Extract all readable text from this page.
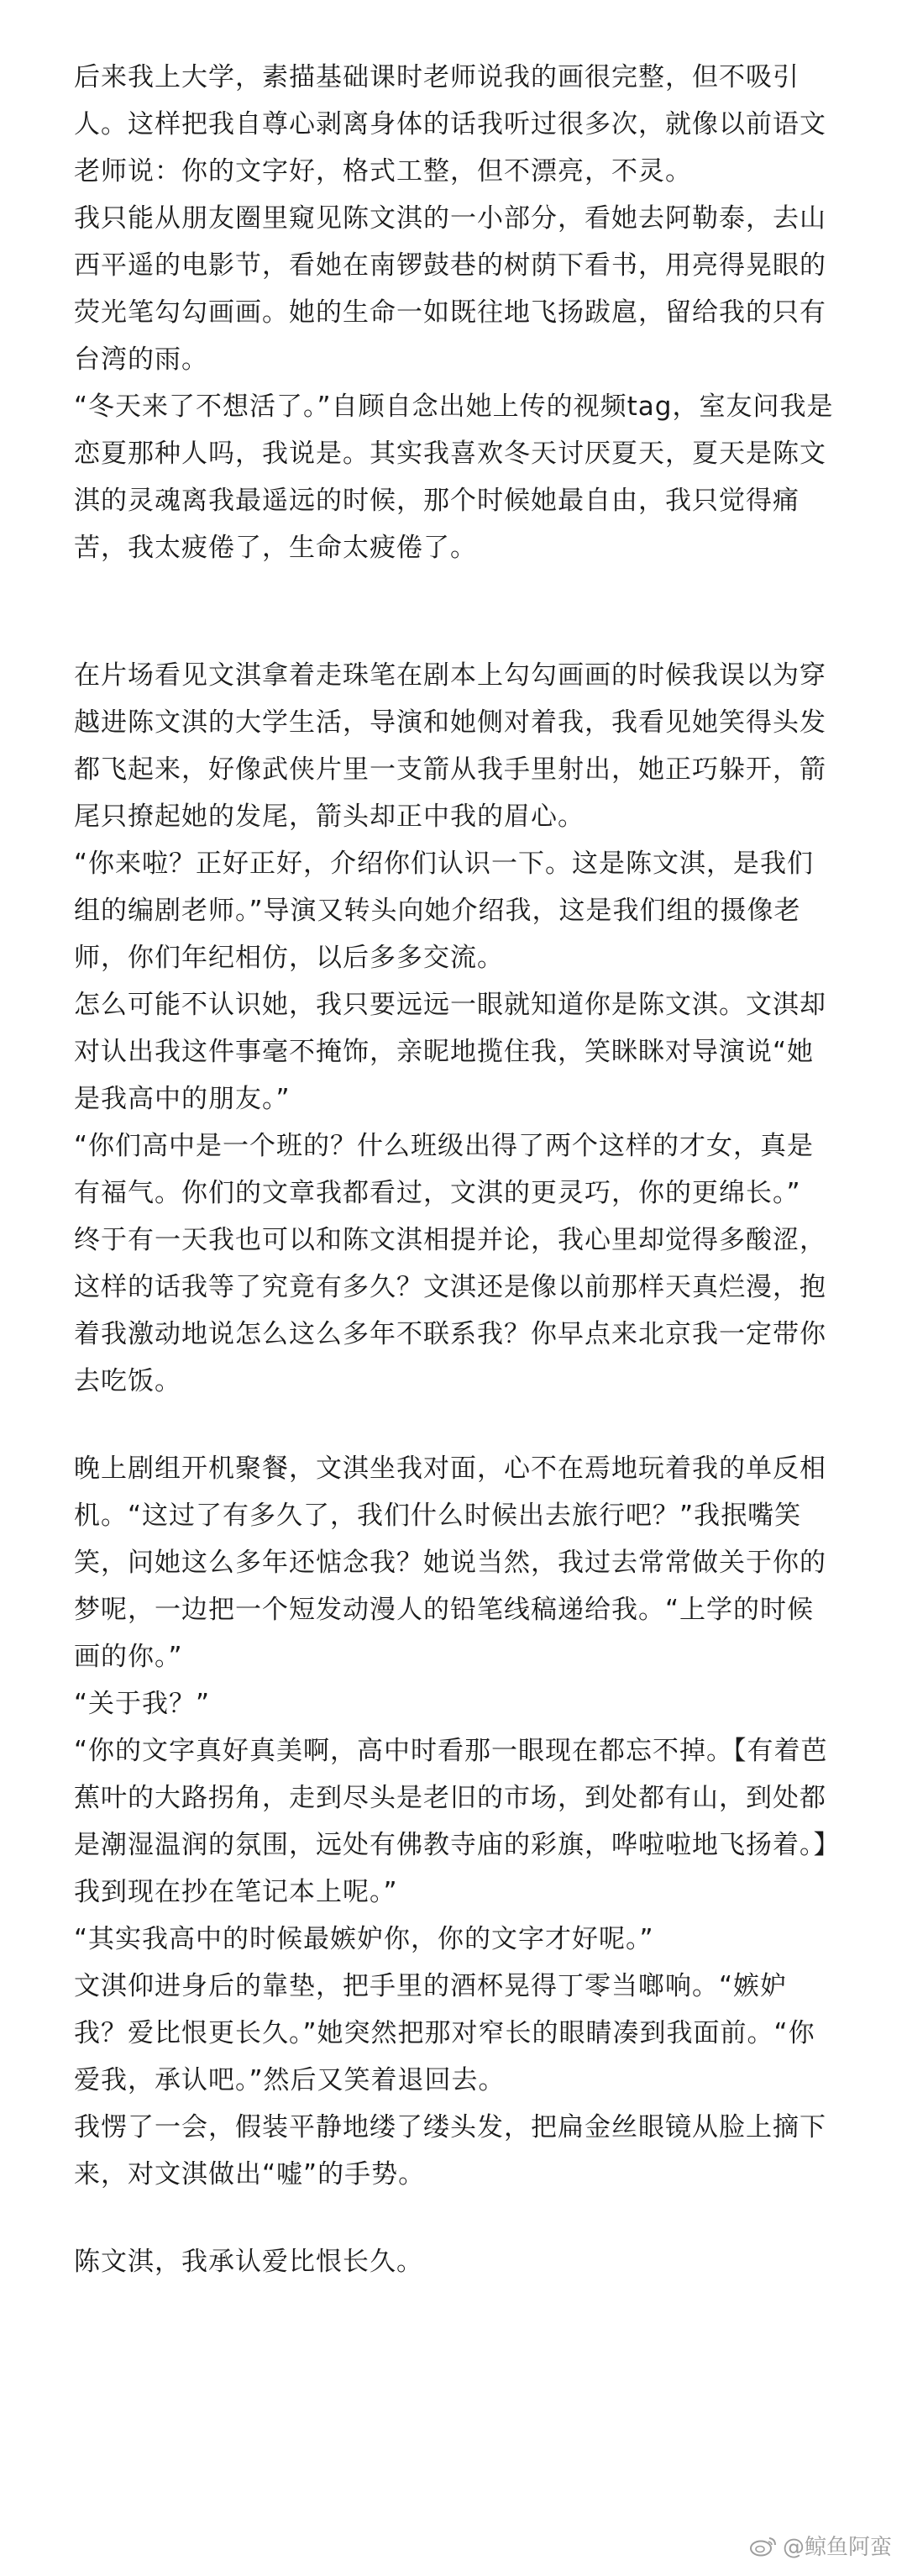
后来我上大学，素描基础课时老师说我的画很完整，但不吸引人。这样把我自尊心剥离身体的话我听过很多次，就像以前语文老师说：你的文字好，格式工整，但不漂亮，不灵。

我只能从朋友圈里窥见陈文淇的一小部分，看她去阿勒泰，去山西平遥的电影节，看她在南锣鼓巷的树荫下看书，用亮得晃眼的荧光笔勾勾画画。她的生命一如既往地飞扬跋扈，留给我的只有台湾的雨。

“冬天来了不想活了。”自顾自念出她上传的视频tag，室友问我是恋夏那种人吗，我说是。其实我喜欢冬天讨厌夏天，夏天是陈文淇的灵魂离我最遥远的时候，那个时候她最自由，我只觉得痛苦，我太疲倦了，生命太疲倦了。

在片场看见文淇拿着走珠笔在剧本上勾勾画画的时候我误以为穿越进陈文淇的大学生活，导演和她侧对着我，我看见她笑得头发都飞起来，好像武侠片里一支箭从我手里射出，她正巧躲开，箭尾只撩起她的发尾，箭头却正中我的眉心。

“你来啦？正好正好，介绍你们认识一下。这是陈文淇，是我们组的编剧老师。”导演又转头向她介绍我，这是我们组的摄像老师，你们年纪相仿，以后多多交流。

怎么可能不认识她，我只要远远一眼就知道你是陈文淇。文淇却对认出我这件事毫不掩饰，亲昵地揽住我，笑眯眯对导演说“她是我高中的朋友。”

“你们高中是一个班的？什么班级出得了两个这样的才女，真是有福气。你们的文章我都看过，文淇的更灵巧，你的更绵长。”

终于有一天我也可以和陈文淇相提并论，我心里却觉得多酸涩，这样的话我等了究竟有多久？文淇还是像以前那样天真烂漫，抱着我激动地说怎么这么多年不联系我？你早点来北京我一定带你去吃饭。

晚上剧组开机聚餐，文淇坐我对面，心不在焉地玩着我的单反相机。“这过了有多久了，我们什么时候出去旅行吧？”我抿嘴笑笑，问她这么多年还惦念我？她说当然，我过去常常做关于你的梦呢，一边把一个短发动漫人的铅笔线稿递给我。“上学的时候画的你。”

“关于我？”

“你的文字真好真美啊，高中时看那一眼现在都忘不掉。【有着芭蕉叶的大路拐角，走到尽头是老旧的市场，到处都有山，到处都是潮湿温润的氛围，远处有佛教寺庙的彩旗，哗啦啦地飞扬着。】我到现在抄在笔记本上呢。”

“其实我高中的时候最嫉妒你，你的文字才好呢。”

文淇仰进身后的靠垫，把手里的酒杯晃得丁零当啷响。“嫉妒我？爱比恨更长久。”她突然把那对窄长的眼睛凑到我面前。“你爱我，承认吧。”然后又笑着退回去。

我愣了一会，假装平静地缕了缕头发，把扁金丝眼镜从脸上摘下来，对文淇做出“嘘”的手势。

陈文淇，我承认爱比恨长久。

@鲸鱼阿蛮
